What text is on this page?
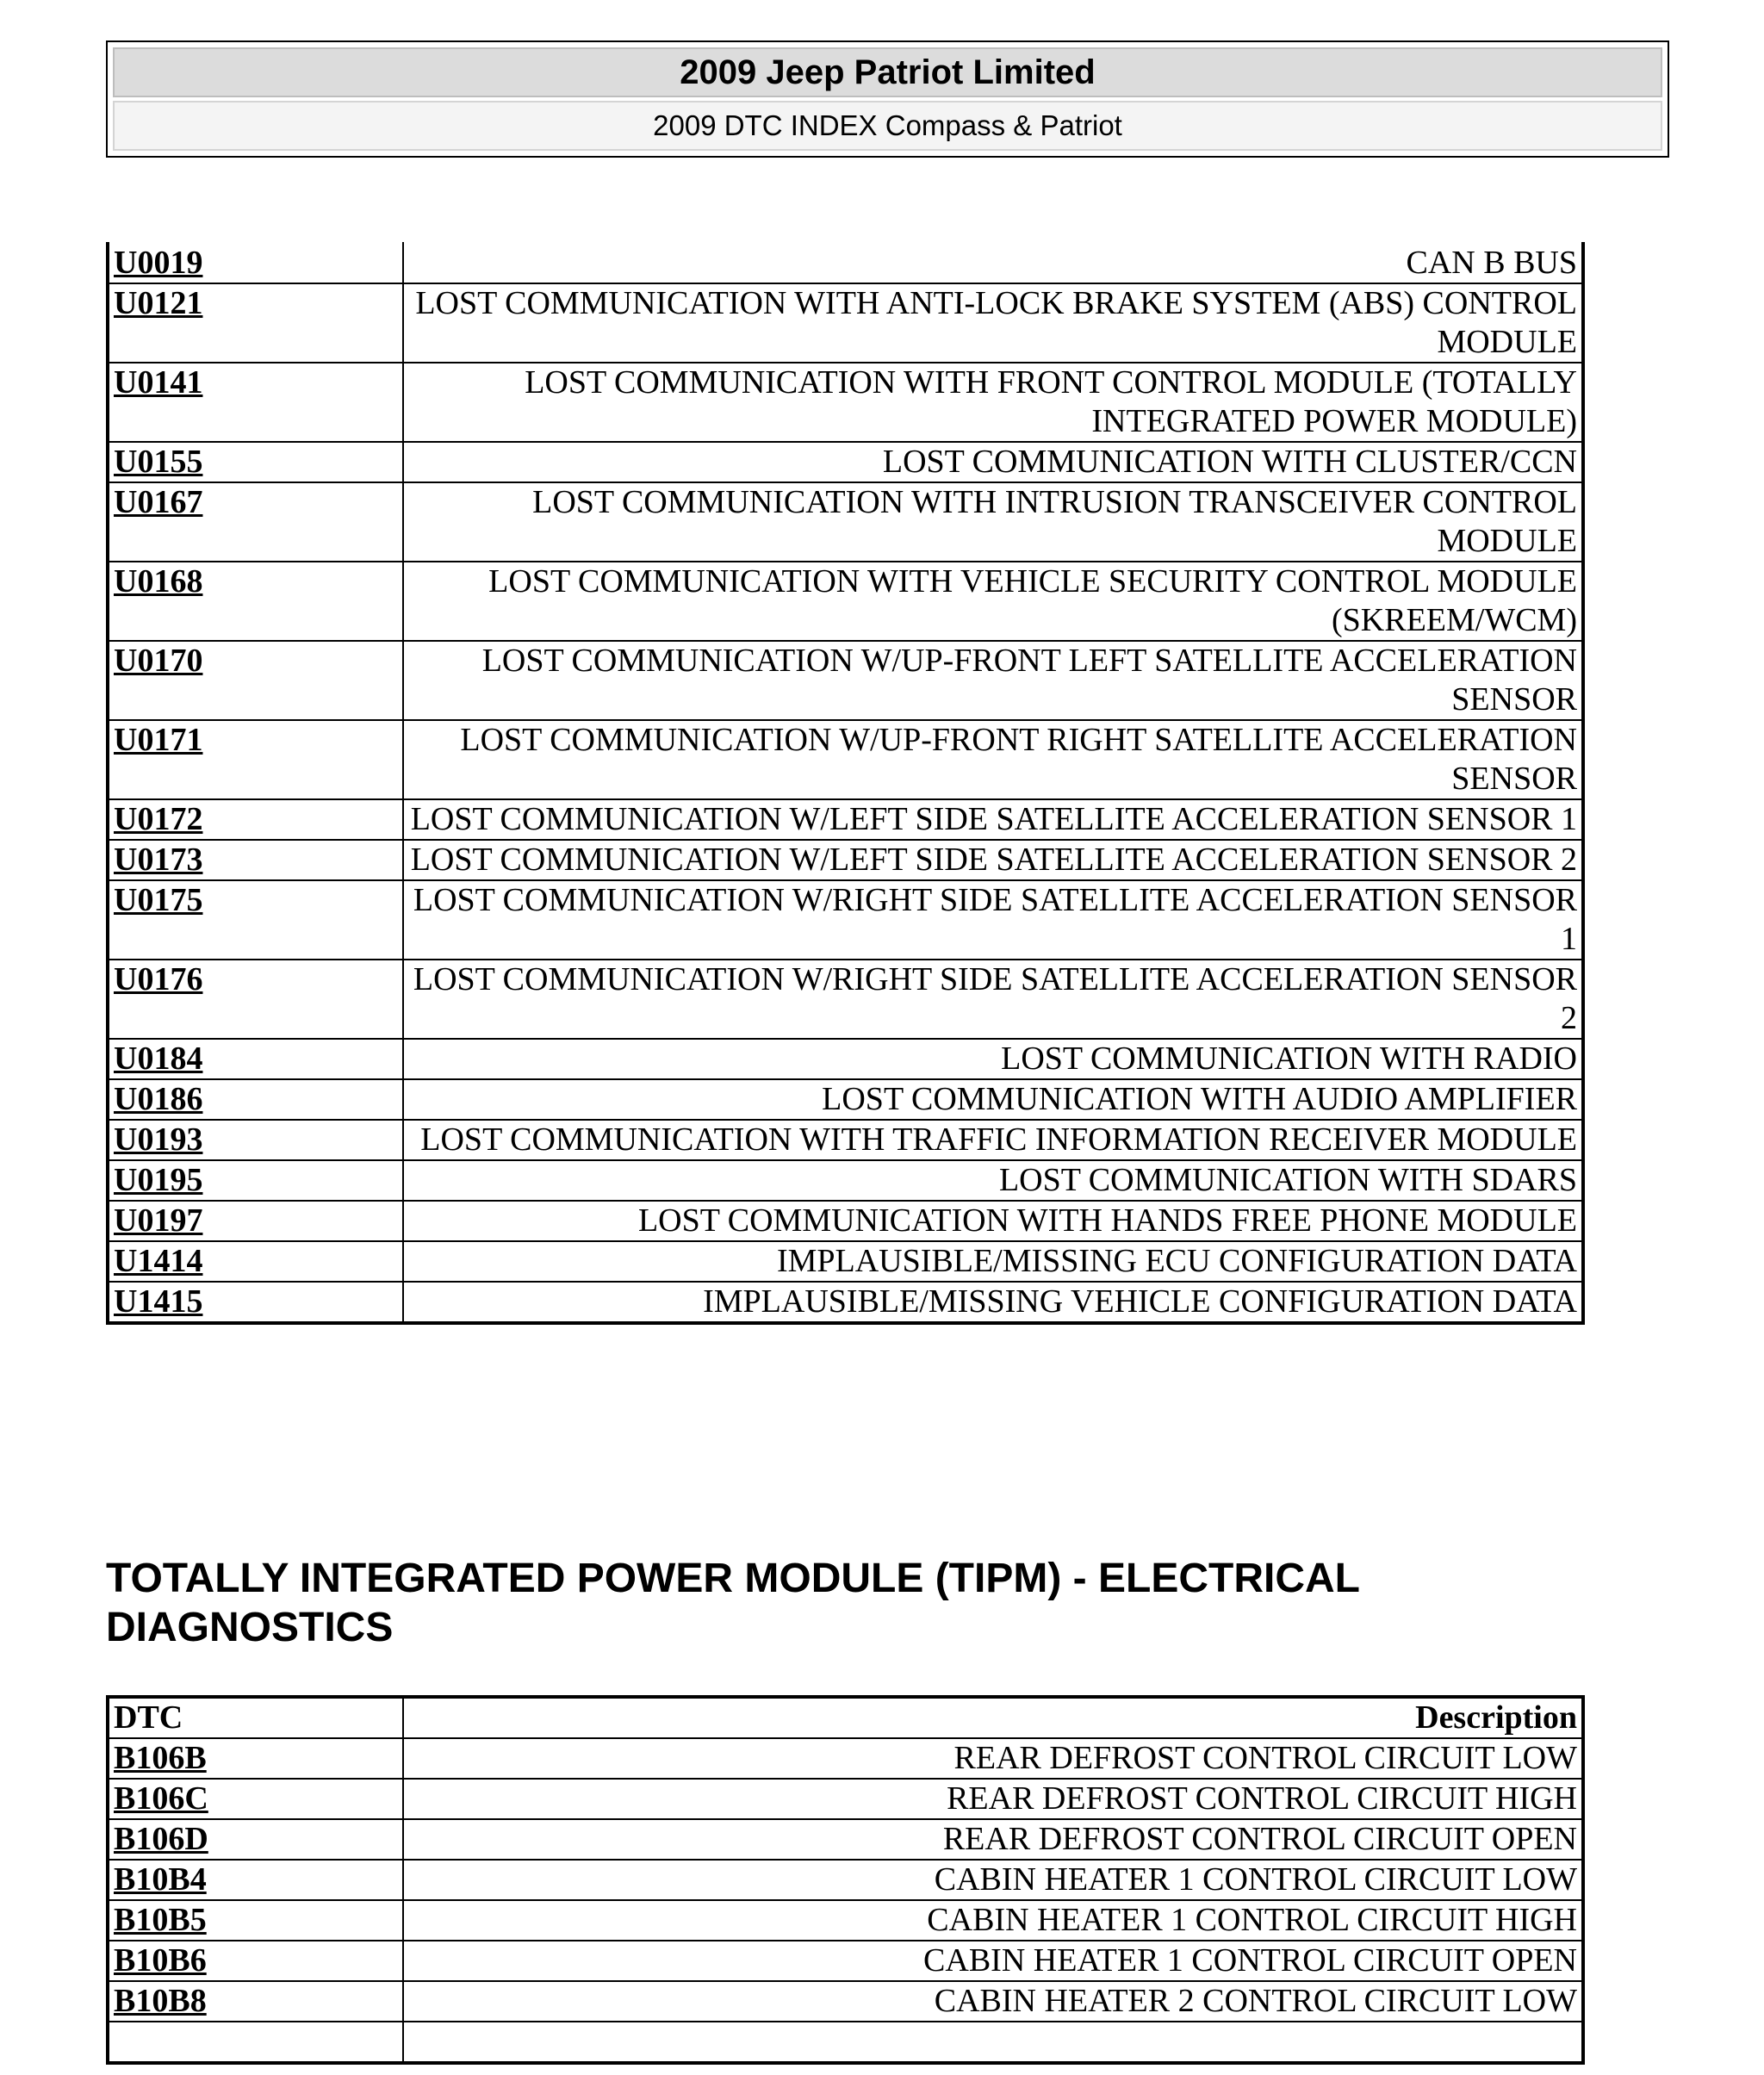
2009 Jeep Patriot Limited
2009 DTC INDEX Compass & Patriot
U0019	CAN B BUS
U0121	LOST COMMUNICATION WITH ANTI-LOCK BRAKE SYSTEM (ABS) CONTROL MODULE
U0141	LOST COMMUNICATION WITH FRONT CONTROL MODULE (TOTALLY INTEGRATED POWER MODULE)
U0155	LOST COMMUNICATION WITH CLUSTER/CCN
U0167	LOST COMMUNICATION WITH INTRUSION TRANSCEIVER CONTROL MODULE
U0168	LOST COMMUNICATION WITH VEHICLE SECURITY CONTROL MODULE (SKREEM/WCM)
U0170	LOST COMMUNICATION W/UP-FRONT LEFT SATELLITE ACCELERATION SENSOR
U0171	LOST COMMUNICATION W/UP-FRONT RIGHT SATELLITE ACCELERATION SENSOR
U0172	LOST COMMUNICATION W/LEFT SIDE SATELLITE ACCELERATION SENSOR 1
U0173	LOST COMMUNICATION W/LEFT SIDE SATELLITE ACCELERATION SENSOR 2
U0175	LOST COMMUNICATION W/RIGHT SIDE SATELLITE ACCELERATION SENSOR 1
U0176	LOST COMMUNICATION W/RIGHT SIDE SATELLITE ACCELERATION SENSOR 2
U0184	LOST COMMUNICATION WITH RADIO
U0186	LOST COMMUNICATION WITH AUDIO AMPLIFIER
U0193	LOST COMMUNICATION WITH TRAFFIC INFORMATION RECEIVER MODULE
U0195	LOST COMMUNICATION WITH SDARS
U0197	LOST COMMUNICATION WITH HANDS FREE PHONE MODULE
U1414	IMPLAUSIBLE/MISSING ECU CONFIGURATION DATA
U1415	IMPLAUSIBLE/MISSING VEHICLE CONFIGURATION DATA
TOTALLY INTEGRATED POWER MODULE (TIPM) - ELECTRICAL DIAGNOSTICS
DTC	Description
B106B	REAR DEFROST CONTROL CIRCUIT LOW
B106C	REAR DEFROST CONTROL CIRCUIT HIGH
B106D	REAR DEFROST CONTROL CIRCUIT OPEN
B10B4	CABIN HEATER 1 CONTROL CIRCUIT LOW
B10B5	CABIN HEATER 1 CONTROL CIRCUIT HIGH
B10B6	CABIN HEATER 1 CONTROL CIRCUIT OPEN
B10B8	CABIN HEATER 2 CONTROL CIRCUIT LOW
